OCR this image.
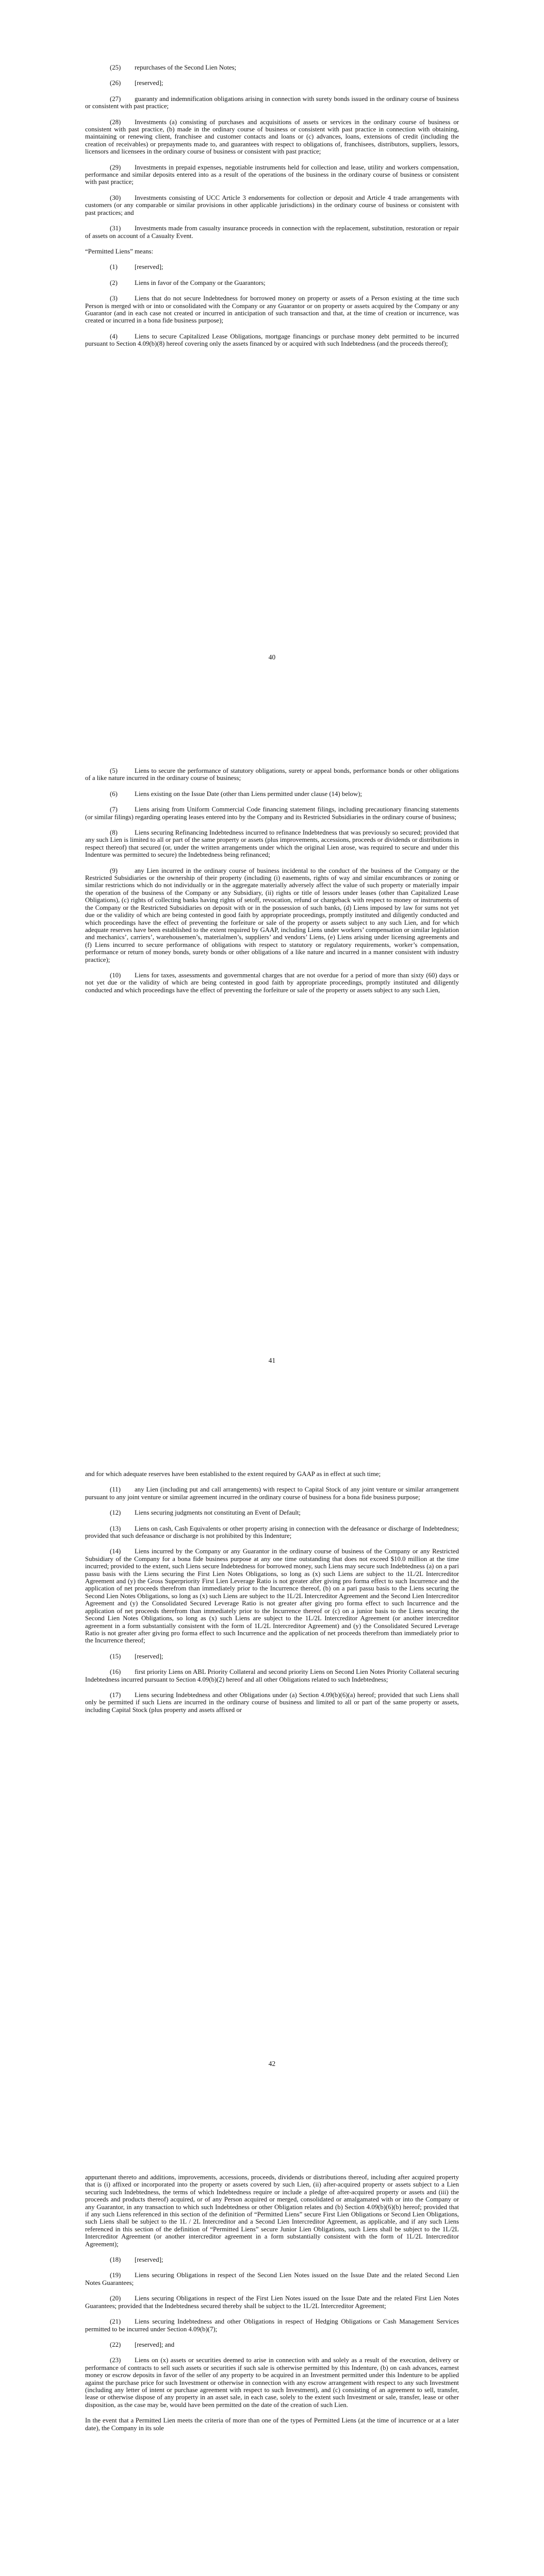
(25) repurchases of the Second Lien Notes;

(26) [reserved];

(27) guaranty and indemnification obligations arising in connection with surety bonds issued in the ordinary course of business or consistent with past practice;

(28) Investments (a) consisting of purchases and acquisitions of assets or services in the ordinary course of business or consistent with past practice, (b) made in the ordinary course of business or consistent with past practice in connection with obtaining, maintaining or renewing client, franchisee and customer contacts and loans or (c) advances, loans, extensions of credit (including the creation of receivables) or prepayments made to, and guarantees with respect to obligations of, franchisees, distributors, suppliers, lessors, licensors and licensees in the ordinary course of business or consistent with past practice;

(29) Investments in prepaid expenses, negotiable instruments held for collection and lease, utility and workers compensation, performance and similar deposits entered into as a result of the operations of the business in the ordinary course of business or consistent with past practice;

(30) Investments consisting of UCC Article 3 endorsements for collection or deposit and Article 4 trade arrangements with customers (or any comparable or similar provisions in other applicable jurisdictions) in the ordinary course of business or consistent with past practices; and

(31) Investments made from casualty insurance proceeds in connection with the replacement, substitution, restoration or repair of assets on account of a Casualty Event.

“Permitted Liens” means:

(1)	[reserved];

(2)	Liens in favor of the Company or the Guarantors;

(3)	Liens that do not secure Indebtedness for borrowed money on property or assets of a Person existing at the time such Person is merged with or into or consolidated with the Company or any Guarantor or on property or assets acquired by the Company or any Guarantor (and in each case not created or incurred in anticipation of such transaction and that, at the time of creation or incurrence, was created or incurred in a bona fide business purpose);

(4)	Liens to secure Capitalized Lease Obligations, mortgage financings or purchase money debt permitted to be incurred pursuant to Section 4.09(b)(8) hereof covering only the assets financed by or acquired with such Indebtedness (and the proceeds thereof);

40

(5)	Liens to secure the performance of statutory obligations, surety or appeal bonds, performance bonds or other obligations of a like nature incurred in the ordinary course of business;

(6)	Liens existing on the Issue Date (other than Liens permitted under clause (14) below);

(7)	Liens arising from Uniform Commercial Code financing statement filings, including precautionary financing statements (or similar filings) regarding operating leases entered into by the Company and its Restricted Subsidiaries in the ordinary course of business;

(8)	Liens securing Refinancing Indebtedness incurred to refinance Indebtedness that was previously so secured; provided that any such Lien is limited to all or part of the same property or assets (plus improvements, accessions, proceeds or dividends or distributions in respect thereof) that secured (or, under the written arrangements under which the original Lien arose, was required to secure and under this Indenture was permitted to secure) the Indebtedness being refinanced;

(9)	any Lien incurred in the ordinary course of business incidental to the conduct of the business of the Company or the Restricted Subsidiaries or the ownership of their property (including (i) easements, rights of way and similar encumbrances or zoning or similar restrictions which do not individually or in the aggregate materially adversely affect the value of such property or materially impair the operation of the business of the Company or any Subsidiary, (ii) rights or title of lessors under leases (other than Capitalized Lease Obligations), (c) rights of collecting banks having rights of setoff, revocation, refund or chargeback with respect to money or instruments of the Company or the Restricted Subsidiaries on deposit with or in the possession of such banks, (d) Liens imposed by law for sums not yet due or the validity of which are being contested in good faith by appropriate proceedings, promptly instituted and diligently conducted and which proceedings have the effect of preventing the forfeiture or sale of the property or assets subject to any such Lien, and for which adequate reserves have been established to the extent required by GAAP, including Liens under workers’ compensation or similar legislation and mechanics’, carriers’, warehousemen’s, materialmen’s, suppliers’ and vendors’ Liens, (e) Liens arising under licensing agreements and (f) Liens incurred to secure performance of obligations with respect to statutory or regulatory requirements, worker’s compensation, performance or return of money bonds, surety bonds or other obligations of a like nature and incurred in a manner consistent with industry practice);

(10) Liens for taxes, assessments and governmental charges that are not overdue for a period of more than sixty (60) days or not yet due or the validity of which are being contested in good faith by appropriate proceedings, promptly instituted and diligently conducted and which proceedings have the effect of preventing the forfeiture or sale of the property or assets subject to any such Lien,

41

and for which adequate reserves have been established to the extent required by GAAP as in effect at such time;

(11) any Lien (including put and call arrangements) with respect to Capital Stock of any joint venture or similar arrangement pursuant to any joint venture or similar agreement incurred in the ordinary course of business for a bona fide business purpose;

(12) Liens securing judgments not constituting an Event of Default;

(13) Liens on cash, Cash Equivalents or other property arising in connection with the defeasance or discharge of Indebtedness; provided that such defeasance or discharge is not prohibited by this Indenture;

(14) Liens incurred by the Company or any Guarantor in the ordinary course of business of the Company or any Restricted Subsidiary of the Company for a bona fide business purpose at any one time outstanding that does not exceed $10.0 million at the time incurred; provided to the extent, such Liens secure Indebtedness for borrowed money, such Liens may secure such Indebtedness (a) on a pari passu basis with the Liens securing the First Lien Notes Obligations, so long as (x) such Liens are subject to the 1L/2L Intercreditor Agreement and (y) the Gross Superpriority First Lien Leverage Ratio is not greater after giving pro forma effect to such Incurrence and the application of net proceeds therefrom than immediately prior to the Incurrence thereof, (b) on a pari passu basis to the Liens securing the Second Lien Notes Obligations, so long as (x) such Liens are subject to the 1L/2L Intercreditor Agreement and the Second Lien Intercreditor Agreement and (y) the Consolidated Secured Leverage Ratio is not greater after giving pro forma effect to such Incurrence and the application of net proceeds therefrom than immediately prior to the Incurrence thereof or (c) on a junior basis to the Liens securing the Second Lien Notes Obligations, so long as (x) such Liens are subject to the 1L/2L Intercreditor Agreement (or another intercreditor agreement in a form substantially consistent with the form of 1L/2L Intercreditor Agreement) and (y) the Consolidated Secured Leverage Ratio is not greater after giving pro forma effect to such Incurrence and the application of net proceeds therefrom than immediately prior to the Incurrence thereof;

(15) [reserved];

(16) first priority Liens on ABL Priority Collateral and second priority Liens on Second Lien Notes Priority Collateral securing Indebtedness incurred pursuant to Section 4.09(b)(2) hereof and all other Obligations related to such Indebtedness;

(17) Liens securing Indebtedness and other Obligations under (a) Section 4.09(b)(6)(a) hereof; provided that such Liens shall only be permitted if such Liens are incurred in the ordinary course of business and limited to all or part of the same property or assets, including Capital Stock (plus property and assets affixed or

42

appurtenant thereto and additions, improvements, accessions, proceeds, dividends or distributions thereof, including after acquired property that is (i) affixed or incorporated into the property or assets covered by such Lien, (ii) after-acquired property or assets subject to a Lien securing such Indebtedness, the terms of which Indebtedness require or include a pledge of after-acquired property or assets and (iii) the proceeds and products thereof) acquired, or of any Person acquired or merged, consolidated or amalgamated with or into the Company or any Guarantor, in any transaction to which such Indebtedness or other Obligation relates and (b) Section 4.09(b)(6)(b) hereof; provided that if any such Liens referenced in this section of the definition of “Permitted Liens” secure First Lien Obligations or Second Lien Obligations, such Liens shall be subject to the 1L / 2L Intercreditor and a Second Lien Intercreditor Agreement, as applicable, and if any such Liens referenced in this section of the definition of “Permitted Liens” secure Junior Lien Obligations, such Liens shall be subject to the 1L/2L Intercreditor Agreement (or another intercreditor agreement in a form substantially consistent with the form of 1L/2L Intercreditor Agreement);

(18) [reserved];

(19) Liens securing Obligations in respect of the Second Lien Notes issued on the Issue Date and the related Second Lien Notes Guarantees;

(20) Liens securing Obligations in respect of the First Lien Notes issued on the Issue Date and the related First Lien Notes Guarantees; provided that the Indebtedness secured thereby shall be subject to the 1L/2L Intercreditor Agreement;

(21) Liens securing Indebtedness and other Obligations in respect of Hedging Obligations or Cash Management Services permitted to be incurred under Section 4.09(b)(7);

(22) [reserved]; and

(23) Liens on (x) assets or securities deemed to arise in connection with and solely as a result of the execution, delivery or performance of contracts to sell such assets or securities if such sale is otherwise permitted by this Indenture, (b) on cash advances, earnest money or escrow deposits in favor of the seller of any property to be acquired in an Investment permitted under this Indenture to be applied against the purchase price for such Investment or otherwise in connection with any escrow arrangement with respect to any such Investment (including any letter of intent or purchase agreement with respect to such Investment), and (c) consisting of an agreement to sell, transfer, lease or otherwise dispose of any property in an asset sale, in each case, solely to the extent such Investment or sale, transfer, lease or other disposition, as the case may be, would have been permitted on the date of the creation of such Lien.

In the event that a Permitted Lien meets the criteria of more than one of the types of Permitted Liens (at the time of incurrence or at a later date), the Company in its sole
